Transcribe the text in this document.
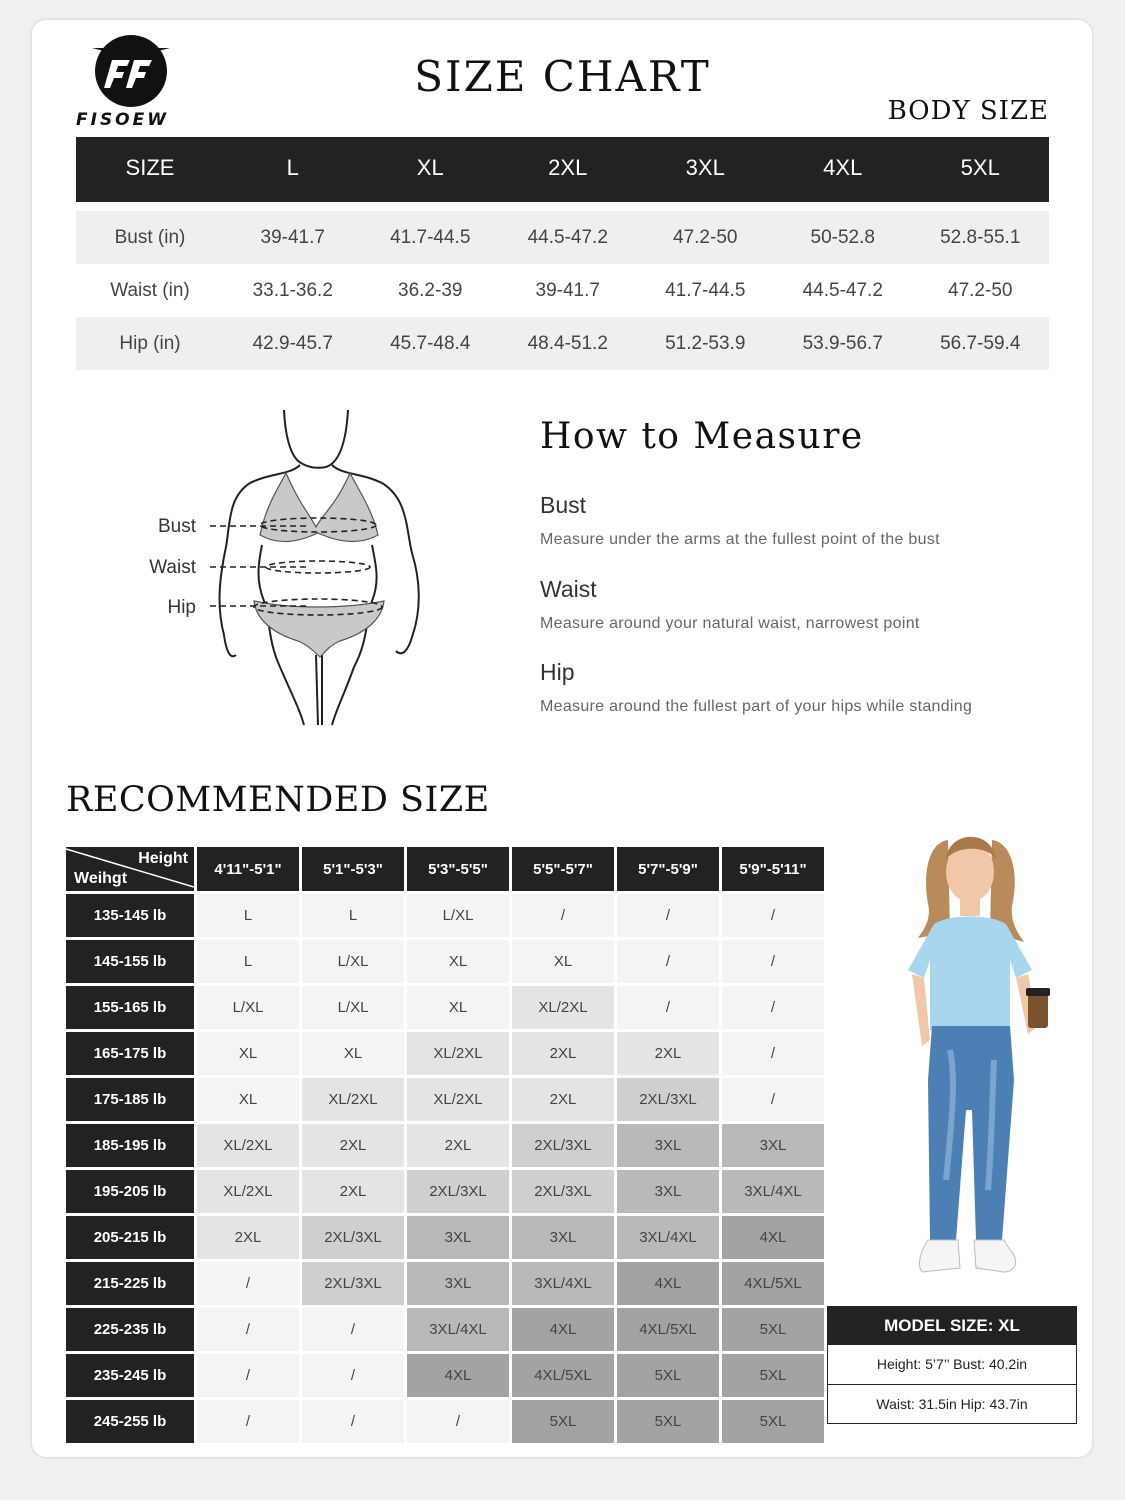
FISOEW
SIZE CHART
BODY SIZE
SIZE	L	XL	2XL	3XL	4XL	5XL

Bust (in)	39-41.7	41.7-44.5	44.5-47.2	47.2-50	50-52.8	52.8-55.1
Waist (in)	33.1-36.2	36.2-39	39-41.7	41.7-44.5	44.5-47.2	47.2-50
Hip (in)	42.9-45.7	45.7-48.4	48.4-51.2	51.2-53.9	53.9-56.7	56.7-59.4
Bust
Waist
Hip
How to Measure
Bust
Measure under the arms at the fullest point of the bust
Waist
Measure around your natural waist, narrowest point
Hip
Measure around the fullest part of your hips while standing
RECOMMENDED SIZE
Height
Weihgt	4'11"-5'1"	5'1"-5'3"	5'3"-5'5"	5'5"-5'7"	5'7"-5'9"	5'9"-5'11"
135-145 lb	L	L	L/XL	/	/	/
145-155 lb	L	L/XL	XL	XL	/	/
155-165 lb	L/XL	L/XL	XL	XL/2XL	/	/
165-175 lb	XL	XL	XL/2XL	2XL	2XL	/
175-185 lb	XL	XL/2XL	XL/2XL	2XL	2XL/3XL	/
185-195 lb	XL/2XL	2XL	2XL	2XL/3XL	3XL	3XL
195-205 lb	XL/2XL	2XL	2XL/3XL	2XL/3XL	3XL	3XL/4XL
205-215 lb	2XL	2XL/3XL	3XL	3XL	3XL/4XL	4XL
215-225 lb	/	2XL/3XL	3XL	3XL/4XL	4XL	4XL/5XL
225-235 lb	/	/	3XL/4XL	4XL	4XL/5XL	5XL
235-245 lb	/	/	4XL	4XL/5XL	5XL	5XL
245-255 lb	/	/	/	5XL	5XL	5XL
MODEL SIZE: XL
Height: 5’7’’ Bust: 40.2in
Waist: 31.5in Hip: 43.7in
